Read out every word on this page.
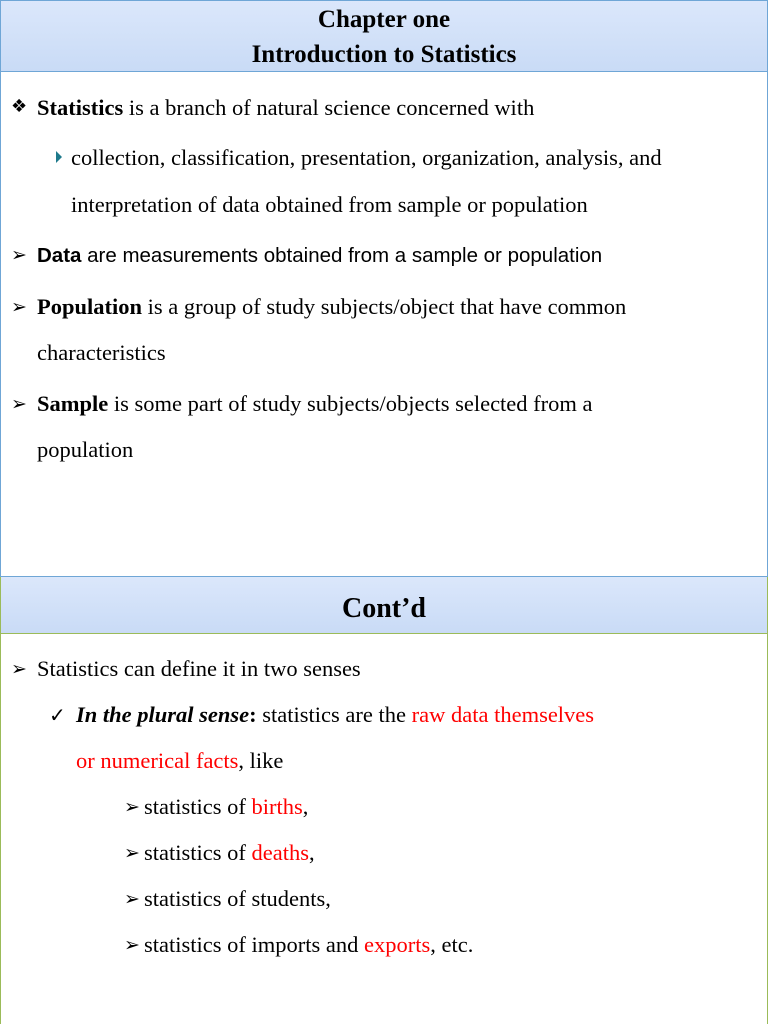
Chapter one
Introduction to Statistics
❖ Statistics is a branch of natural science concerned with
collection, classification, presentation, organization, analysis, and
interpretation of data obtained from sample or population
➢ Data are measurements obtained from a sample or population
➢ Population is a group of study subjects/object that have common
characteristics
➢ Sample is some part of study subjects/objects selected from a
population
Cont’d
➢ Statistics can define it in two senses
✓ In the plural sense: statistics are the raw data themselves
or numerical facts, like
➢ statistics of births,
➢ statistics of deaths,
➢ statistics of students,
➢ statistics of imports and exports, etc.
